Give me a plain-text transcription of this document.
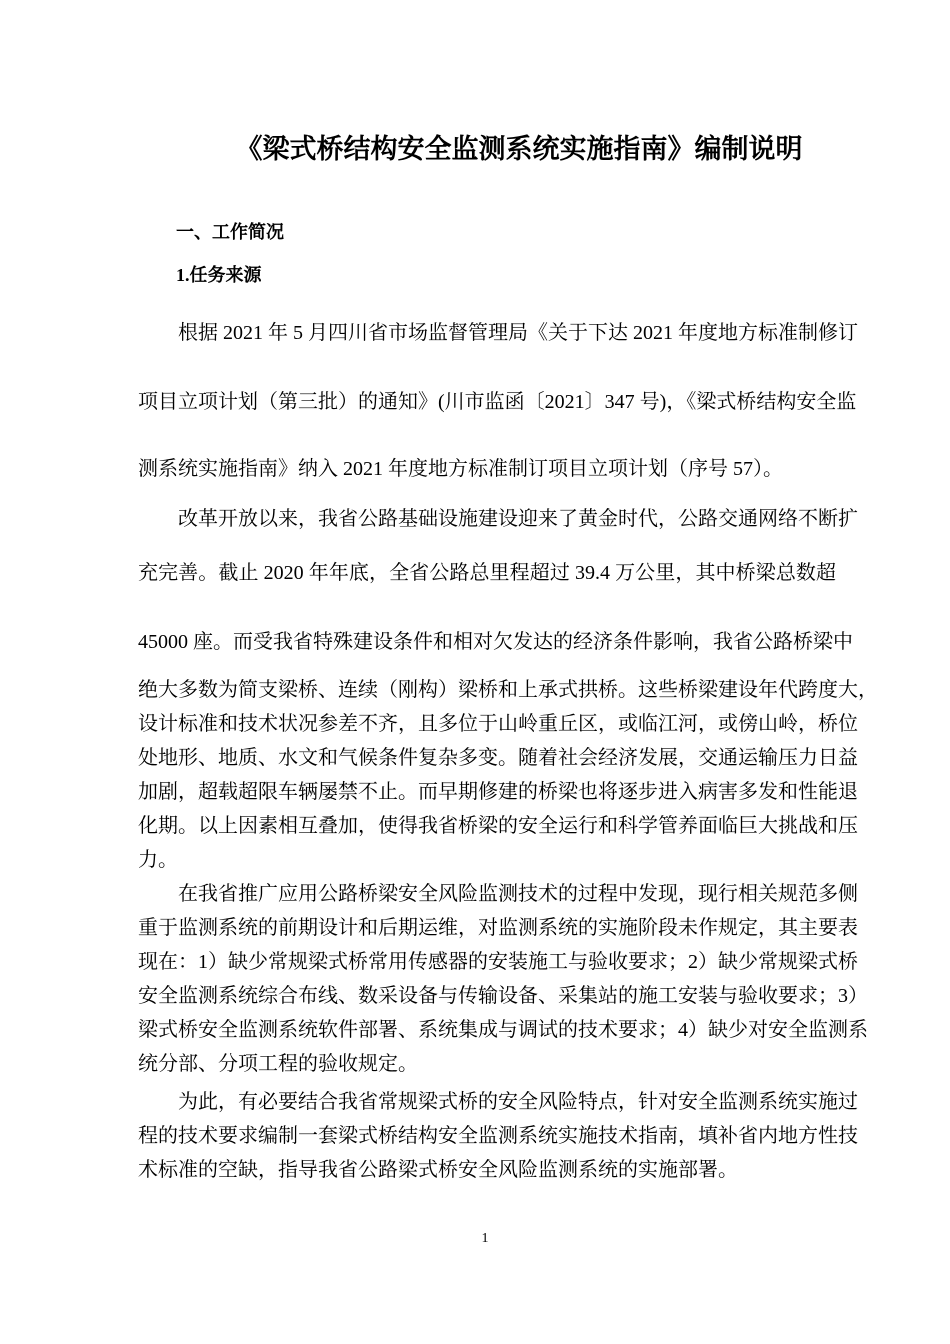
《梁式桥结构安全监测系统实施指南》编制说明
一、工作简况
1.任务来源
根据 2021 年 5 月四川省市场监督管理局《关于下达 2021 年度地方标准制修订
项目立项计划（第三批）的通知》(川市监函〔2021〕347 号)，《梁式桥结构安全监
测系统实施指南》纳入 2021 年度地方标准制订项目立项计划（序号 57）。
改革开放以来，我省公路基础设施建设迎来了黄金时代，公路交通网络不断扩
充完善。截止 2020 年年底，全省公路总里程超过 39.4 万公里，其中桥梁总数超
45000 座。而受我省特殊建设条件和相对欠发达的经济条件影响，我省公路桥梁中
绝大多数为简支梁桥、连续（刚构）梁桥和上承式拱桥。这些桥梁建设年代跨度大，
设计标准和技术状况参差不齐，且多位于山岭重丘区，或临江河，或傍山岭，桥位
处地形、地质、水文和气候条件复杂多变。随着社会经济发展，交通运输压力日益
加剧，超载超限车辆屡禁不止。而早期修建的桥梁也将逐步进入病害多发和性能退
化期。以上因素相互叠加，使得我省桥梁的安全运行和科学管养面临巨大挑战和压
力。
在我省推广应用公路桥梁安全风险监测技术的过程中发现，现行相关规范多侧
重于监测系统的前期设计和后期运维，对监测系统的实施阶段未作规定，其主要表
现在：1）缺少常规梁式桥常用传感器的安装施工与验收要求；2）缺少常规梁式桥
安全监测系统综合布线、数采设备与传输设备、采集站的施工安装与验收要求；3）
梁式桥安全监测系统软件部署、系统集成与调试的技术要求；4）缺少对安全监测系
统分部、分项工程的验收规定。
为此，有必要结合我省常规梁式桥的安全风险特点，针对安全监测系统实施过
程的技术要求编制一套梁式桥结构安全监测系统实施技术指南，填补省内地方性技
术标准的空缺，指导我省公路梁式桥安全风险监测系统的实施部署。
1
